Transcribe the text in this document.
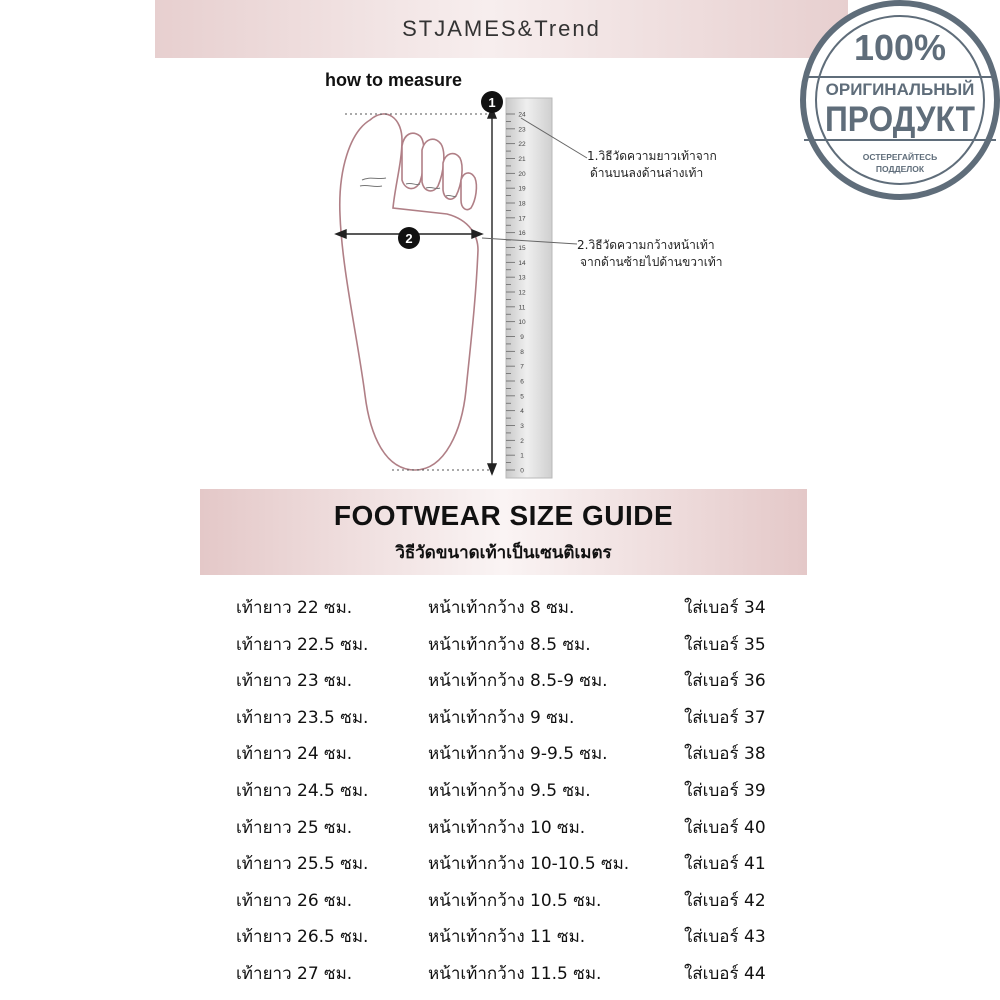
STJAMES&Trend
how to measure
1
2
24
23
22
21
20
19
18
17
16
15
14
13
12
11
10
9
8
7
6
5
4
3
2
1
0
1.วิธีวัดความยาวเท้าจาก
ด้านบนลงด้านล่างเท้า
2.วิธีวัดความกว้างหน้าเท้า
จากด้านซ้ายไปด้านขวาเท้า
FOOTWEAR SIZE GUIDE
วิธีวัดขนาดเท้าเป็นเซนติเมตร
เท้ายาว 22 ซม.	หน้าเท้ากว้าง 8 ซม.	ใส่เบอร์ 34
เท้ายาว 22.5 ซม.	หน้าเท้ากว้าง 8.5 ซม.	ใส่เบอร์ 35
เท้ายาว 23 ซม.	หน้าเท้ากว้าง 8.5-9 ซม.	ใส่เบอร์ 36
เท้ายาว 23.5 ซม.	หน้าเท้ากว้าง 9 ซม.	ใส่เบอร์ 37
เท้ายาว 24 ซม.	หน้าเท้ากว้าง 9-9.5 ซม.	ใส่เบอร์ 38
เท้ายาว 24.5 ซม.	หน้าเท้ากว้าง 9.5 ซม.	ใส่เบอร์ 39
เท้ายาว 25 ซม.	หน้าเท้ากว้าง 10 ซม.	ใส่เบอร์ 40
เท้ายาว 25.5 ซม.	หน้าเท้ากว้าง 10-10.5 ซม.	ใส่เบอร์ 41
เท้ายาว 26 ซม.	หน้าเท้ากว้าง 10.5 ซม.	ใส่เบอร์ 42
เท้ายาว 26.5 ซม.	หน้าเท้ากว้าง 11 ซม.	ใส่เบอร์ 43
เท้ายาว 27 ซม.	หน้าเท้ากว้าง 11.5 ซม.	ใส่เบอร์ 44
100%
ОРИГИНАЛЬНЫЙ
ПРОДУКТ
ОСТЕРЕГАЙТЕСЬ
ПОДДЕЛОК
